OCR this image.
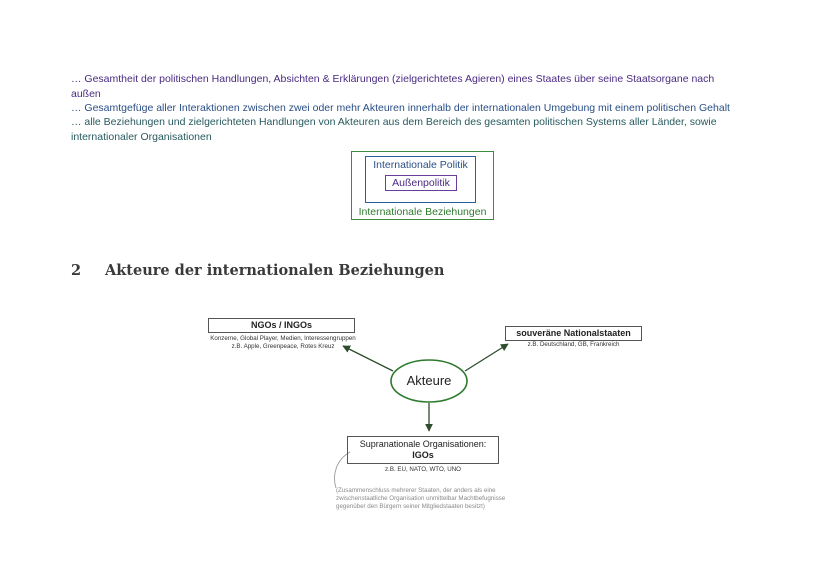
… Gesamtheit der politischen Handlungen, Absichten & Erklärungen (zielgerichtetes Agieren) eines Staates über seine Staatsorgane nach
außen
… Gesamtgefüge aller Interaktionen zwischen zwei oder mehr Akteuren innerhalb der internationalen Umgebung mit einem politischen Gehalt
… alle Beziehungen und zielgerichteten Handlungen von Akteuren aus dem Bereich des gesamten politischen Systems aller Länder, sowie
internationaler Organisationen
Internationale Politik
Außenpolitik
Internationale Beziehungen
2 Akteure der internationalen Beziehungen
Akteure
NGOs / INGOs
Konzerne, Global Player, Medien, Interessengruppen
z.B. Apple, Greenpeace, Rotes Kreuz
souveräne Nationalstaaten
z.B. Deutschland, GB, Frankreich
Supranationale Organisationen:
IGOs
z.B. EU, NATO, WTO, UNO
(Zusammenschluss mehrerer Staaten, der anders als eine
zwischenstaatliche Organisation unmittelbar Machtbefugnisse
gegenüber den Bürgern seiner Mitgliedstaaten besitzt)
